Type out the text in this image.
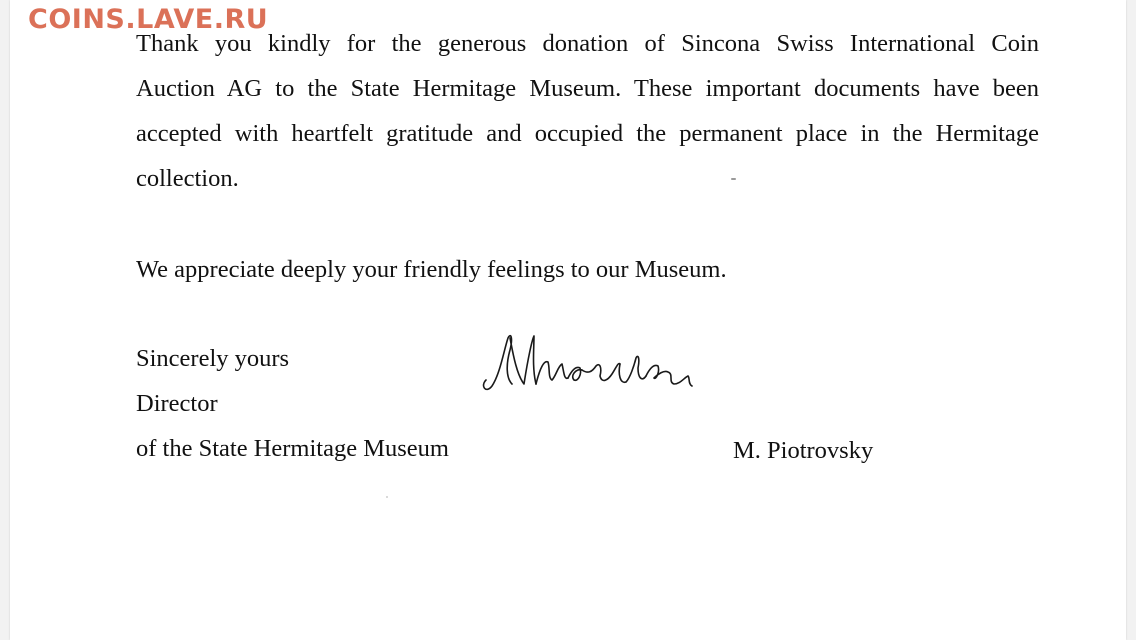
COINS.LAVE.RU
Thank you kindly for the generous donation of Sincona Swiss International Coin
Auction AG to the State Hermitage Museum. These important documents have been
accepted with heartfelt gratitude and occupied the permanent place in the Hermitage
collection.
We appreciate deeply your friendly feelings to our Museum.
Sincerely yours
Director
of the State Hermitage Museum	M. Piotrovsky
